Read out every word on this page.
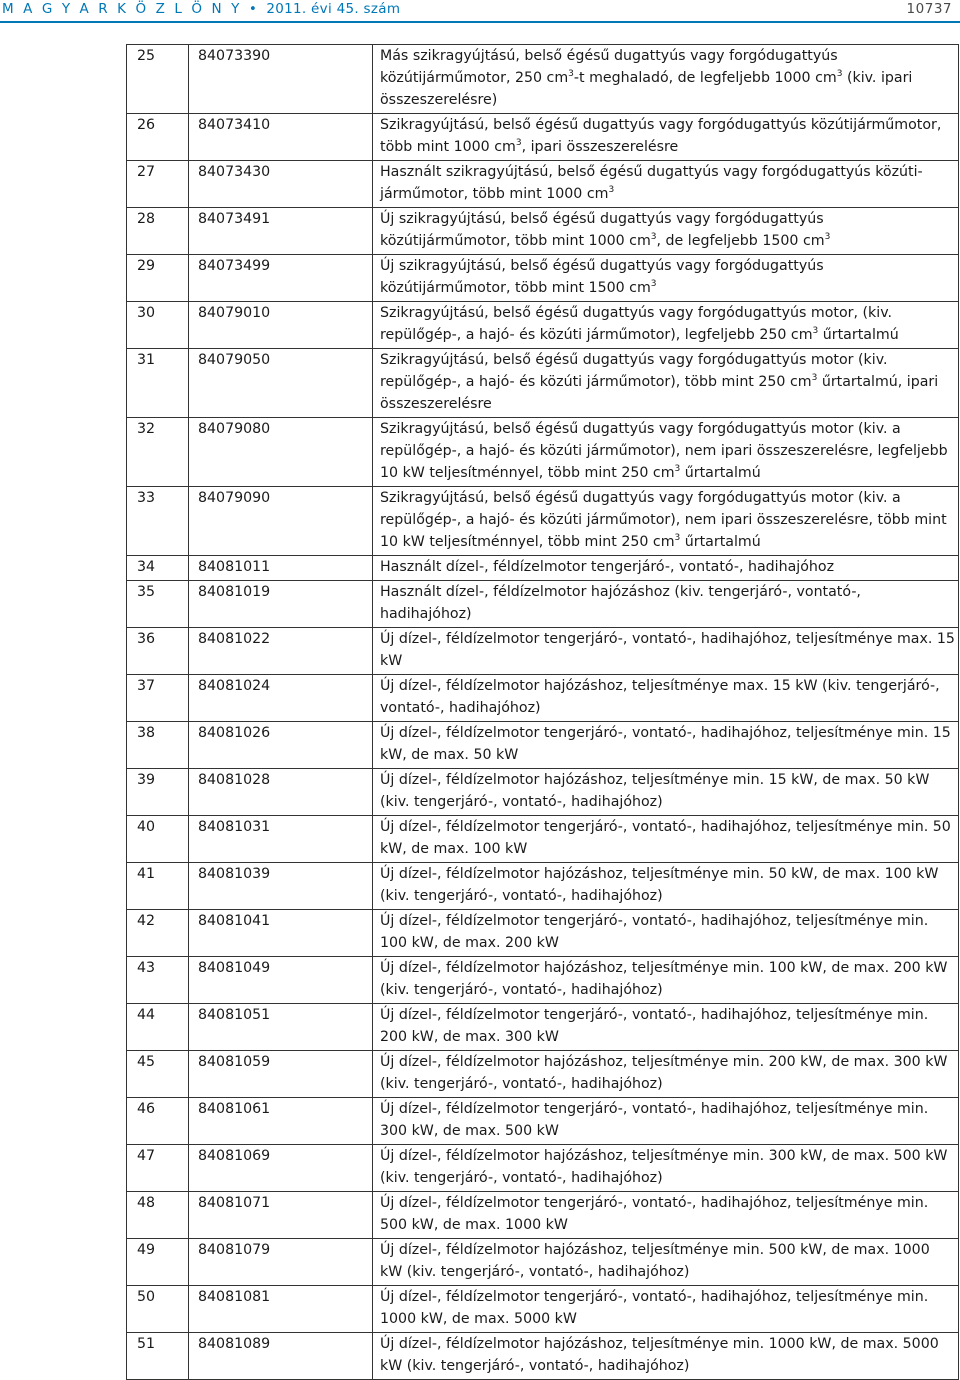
M A G Y A R K Ö Z L Ö N Y • 2011. évi 45. szám	10737
25	84073390	Más szikragyújtású, belső égésű dugattyús vagy forgódugattyús közútijárműmotor, 250 $cm^3-t$ meghaladó, de legfeljebb 1000 $cm^3$ (kiv. ipari összeszerelésre)
26	84073410	Szikragyújtású, belső égésű dugattyús vagy forgódugattyús közútijárműmotor, több mint 1000 $cm^3$, ipari összeszerelésre
27	84073430	Használt szikragyújtású, belső égésű dugattyús vagy forgódugattyús közúti-járműmotor, több mint 1000 $cm^3$
28	84073491	Új szikragyújtású, belső égésű dugattyús vagy forgódugattyús közútijárműmotor, több mint 1000 $cm^3$, de legfeljebb 1500 $cm^3$
29	84073499	Új szikragyújtású, belső égésű dugattyús vagy forgódugattyús közútijárműmotor, több mint 1500 $cm^3$
30	84079010	Szikragyújtású, belső égésű dugattyús vagy forgódugattyús motor, (kiv. repülőgép-, a hajó- és közúti járműmotor), legfeljebb 250 $cm^3$ űrtartalmú
31	84079050	Szikragyújtású, belső égésű dugattyús vagy forgódugattyús motor (kiv. repülőgép-, a hajó- és közúti járműmotor), több mint 250 $cm^3$ űrtartalmú, ipari összeszerelésre
32	84079080	Szikragyújtású, belső égésű dugattyús vagy forgódugattyús motor (kiv. a repülőgép-, a hajó- és közúti járműmotor), nem ipari összeszerelésre, legfeljebb 10 kW teljesítménnyel, több mint 250 $cm^3$ űrtartalmú
33	84079090	Szikragyújtású, belső égésű dugattyús vagy forgódugattyús motor (kiv. a repülőgép-, a hajó- és közúti járműmotor), nem ipari összeszerelésre, több mint 10 kW teljesítménnyel, több mint 250 $cm^3$ űrtartalmú
34	84081011	Használt dízel-, féldízelmotor tengerjáró-, vontató-, hadihajóhoz
35	84081019	Használt dízel-, féldízelmotor hajózáshoz (kiv. tengerjáró-, vontató-, hadihajóhoz)
36	84081022	Új dízel-, féldízelmotor tengerjáró-, vontató-, hadihajóhoz, teljesítménye max. 15 kW
37	84081024	Új dízel-, féldízelmotor hajózáshoz, teljesítménye max. 15 kW (kiv. tengerjáró-, vontató-, hadihajóhoz)
38	84081026	Új dízel-, féldízelmotor tengerjáró-, vontató-, hadihajóhoz, teljesítménye min. 15 kW, de max. 50 kW
39	84081028	Új dízel-, féldízelmotor hajózáshoz, teljesítménye min. 15 kW, de max. 50 kW (kiv. tengerjáró-, vontató-, hadihajóhoz)
40	84081031	Új dízel-, féldízelmotor tengerjáró-, vontató-, hadihajóhoz, teljesítménye min. 50 kW, de max. 100 kW
41	84081039	Új dízel-, féldízelmotor hajózáshoz, teljesítménye min. 50 kW, de max. 100 kW (kiv. tengerjáró-, vontató-, hadihajóhoz)
42	84081041	Új dízel-, féldízelmotor tengerjáró-, vontató-, hadihajóhoz, teljesítménye min. 100 kW, de max. 200 kW
43	84081049	Új dízel-, féldízelmotor hajózáshoz, teljesítménye min. 100 kW, de max. 200 kW (kiv. tengerjáró-, vontató-, hadihajóhoz)
44	84081051	Új dízel-, féldízelmotor tengerjáró-, vontató-, hadihajóhoz, teljesítménye min. 200 kW, de max. 300 kW
45	84081059	Új dízel-, féldízelmotor hajózáshoz, teljesítménye min. 200 kW, de max. 300 kW (kiv. tengerjáró-, vontató-, hadihajóhoz)
46	84081061	Új dízel-, féldízelmotor tengerjáró-, vontató-, hadihajóhoz, teljesítménye min. 300 kW, de max. 500 kW
47	84081069	Új dízel-, féldízelmotor hajózáshoz, teljesítménye min. 300 kW, de max. 500 kW (kiv. tengerjáró-, vontató-, hadihajóhoz)
48	84081071	Új dízel-, féldízelmotor tengerjáró-, vontató-, hadihajóhoz, teljesítménye min. 500 kW, de max. 1000 kW
49	84081079	Új dízel-, féldízelmotor hajózáshoz, teljesítménye min. 500 kW, de max. 1000 kW (kiv. tengerjáró-, vontató-, hadihajóhoz)
50	84081081	Új dízel-, féldízelmotor tengerjáró-, vontató-, hadihajóhoz, teljesítménye min. 1000 kW, de max. 5000 kW
51	84081089	Új dízel-, féldízelmotor hajózáshoz, teljesítménye min. 1000 kW, de max. 5000 kW (kiv. tengerjáró-, vontató-, hadihajóhoz)
